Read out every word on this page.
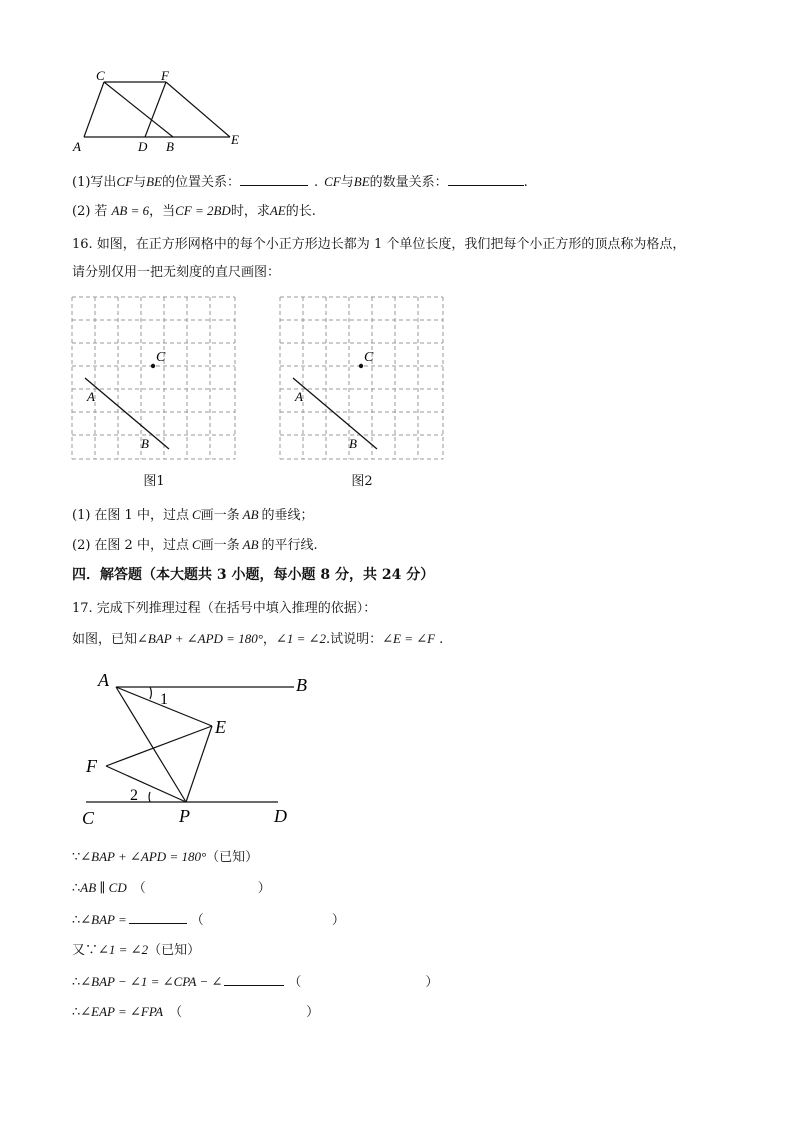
C	F
A	D B	E
(1)写出CF与BE的位置关系：	. CF与BE的数量关系：	.
(2) 若 AB = 6，当CF = 2BD时，求AE的长.
16. 如图，在正方形网格中的每个小正方形边长都为 1 个单位长度，我们把每个小正方形的顶点称为格点，
请分别仅用一把无刻度的直尺画图：
C
A
B
图1
C
A
B
图2
(1) 在图 1 中，过点 C画一条 AB 的垂线；
(2) 在图 2 中，过点 C画一条 AB 的平行线.
四．解答题（本大题共 3 小题，每小题 8 分，共 24 分）
17. 完成下列推理过程（在括号中填入推理的依据）：
如图，已知∠BAP + ∠APD = 180°，∠1 = ∠2.试说明：∠E = ∠F .
A	B
1
E
F
2
C	P	D
∵∠BAP + ∠APD = 180°（已知）
∴AB ∥ CD （	）
∴∠BAP =	（	）
又∵∠1 = ∠2（已知）
∴∠BAP − ∠1 = ∠CPA − ∠	（	）
∴∠EAP = ∠FPA （	）
